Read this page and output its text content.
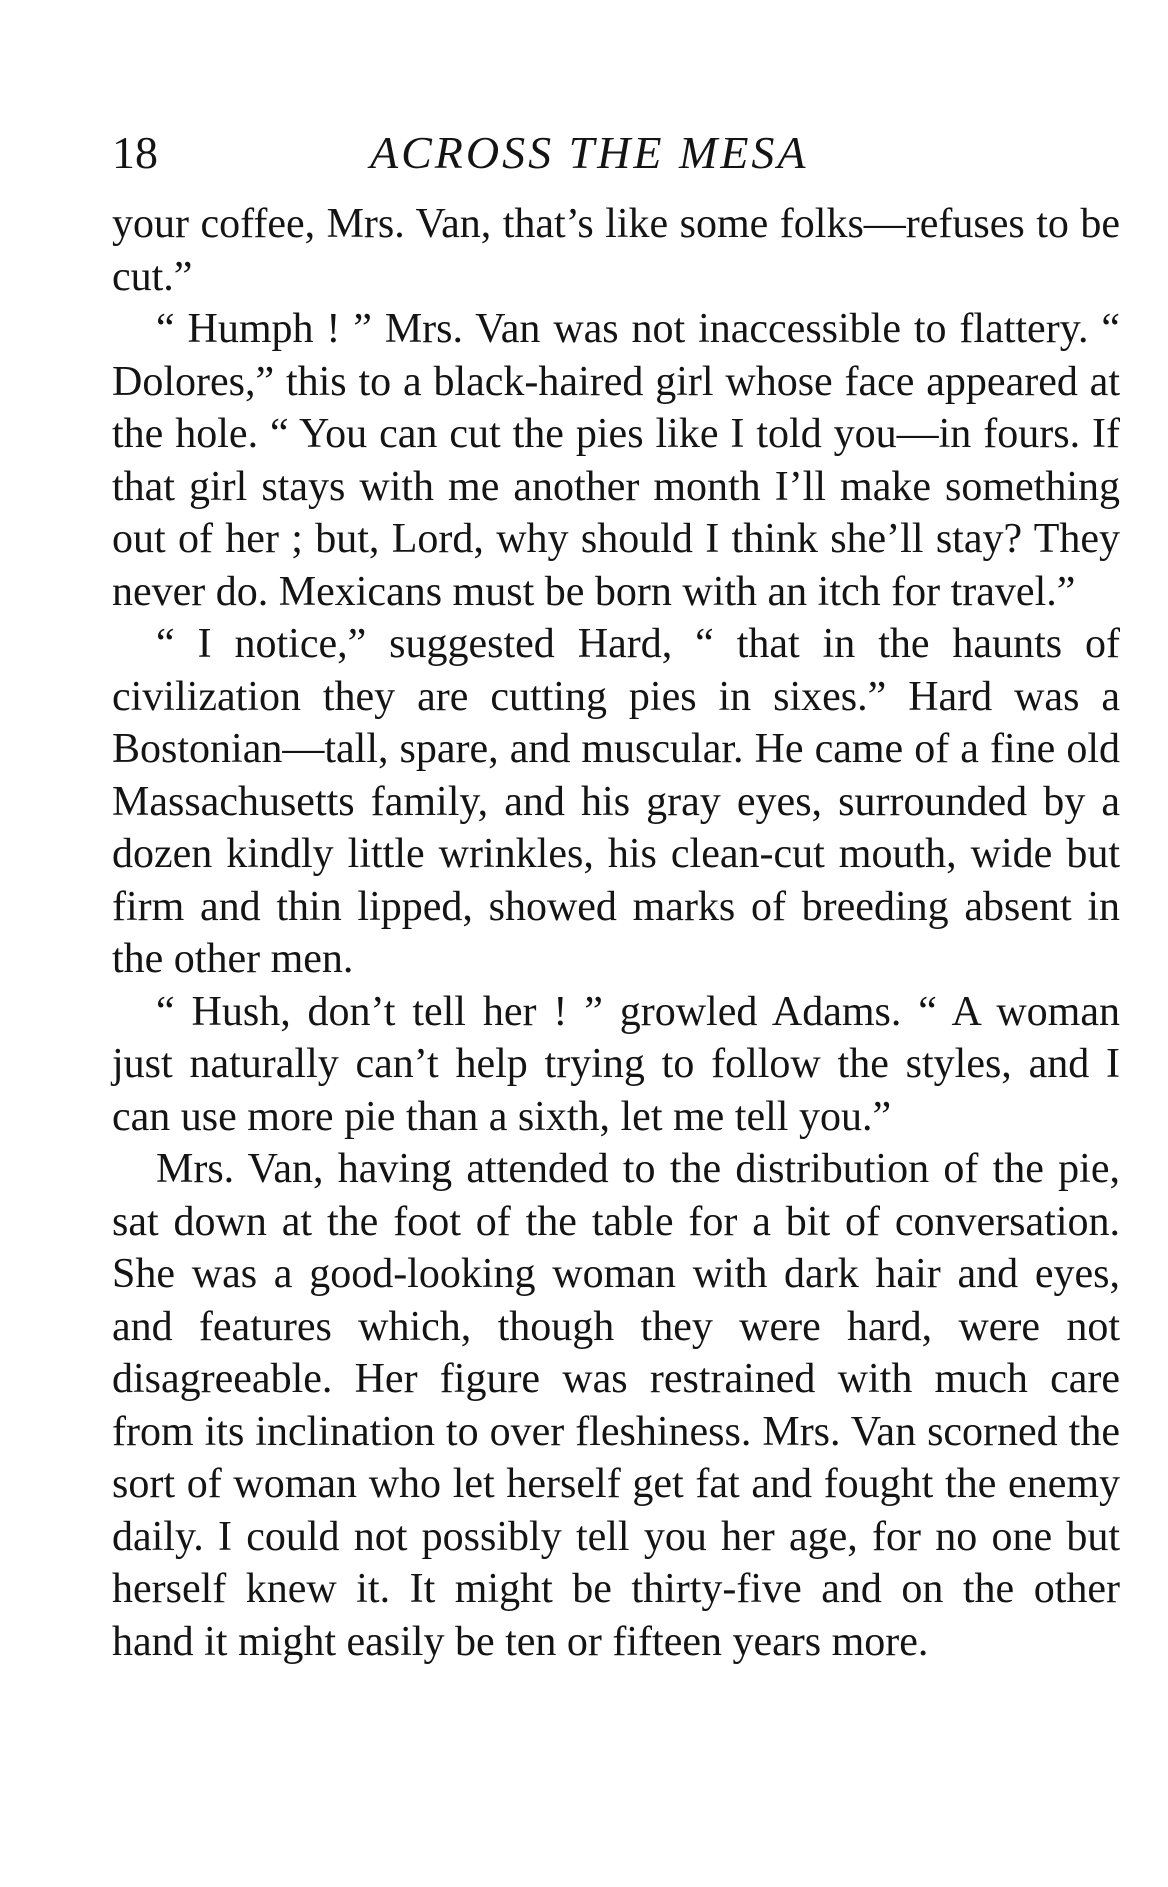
18	ACROSS THE MESA

your coffee, Mrs. Van, that’s like some folks—refuses to be cut.”

“ Humph ! ” Mrs. Van was not inaccessible to flattery. “ Dolores,” this to a black-haired girl whose face appeared at the hole. “ You can cut the pies like I told you—in fours. If that girl stays with me another month I’ll make something out of her ; but, Lord, why should I think she’ll stay? They never do. Mexicans must be born with an itch for travel.”

“ I notice,” suggested Hard, “ that in the haunts of civilization they are cutting pies in sixes.” Hard was a Bostonian—tall, spare, and muscular. He came of a fine old Massachusetts family, and his gray eyes, surrounded by a dozen kindly little wrinkles, his clean-cut mouth, wide but firm and thin lipped, showed marks of breeding absent in the other men.

“ Hush, don’t tell her ! ” growled Adams. “ A woman just naturally can’t help trying to follow the styles, and I can use more pie than a sixth, let me tell you.”

Mrs. Van, having attended to the distribution of the pie, sat down at the foot of the table for a bit of conversation. She was a good-looking woman with dark hair and eyes, and features which, though they were hard, were not disagreeable. Her figure was restrained with much care from its inclination to over fleshiness. Mrs. Van scorned the sort of woman who let herself get fat and fought the enemy daily. I could not possibly tell you her age, for no one but herself knew it. It might be thirty-five and on the other hand it might easily be ten or fifteen years more.
